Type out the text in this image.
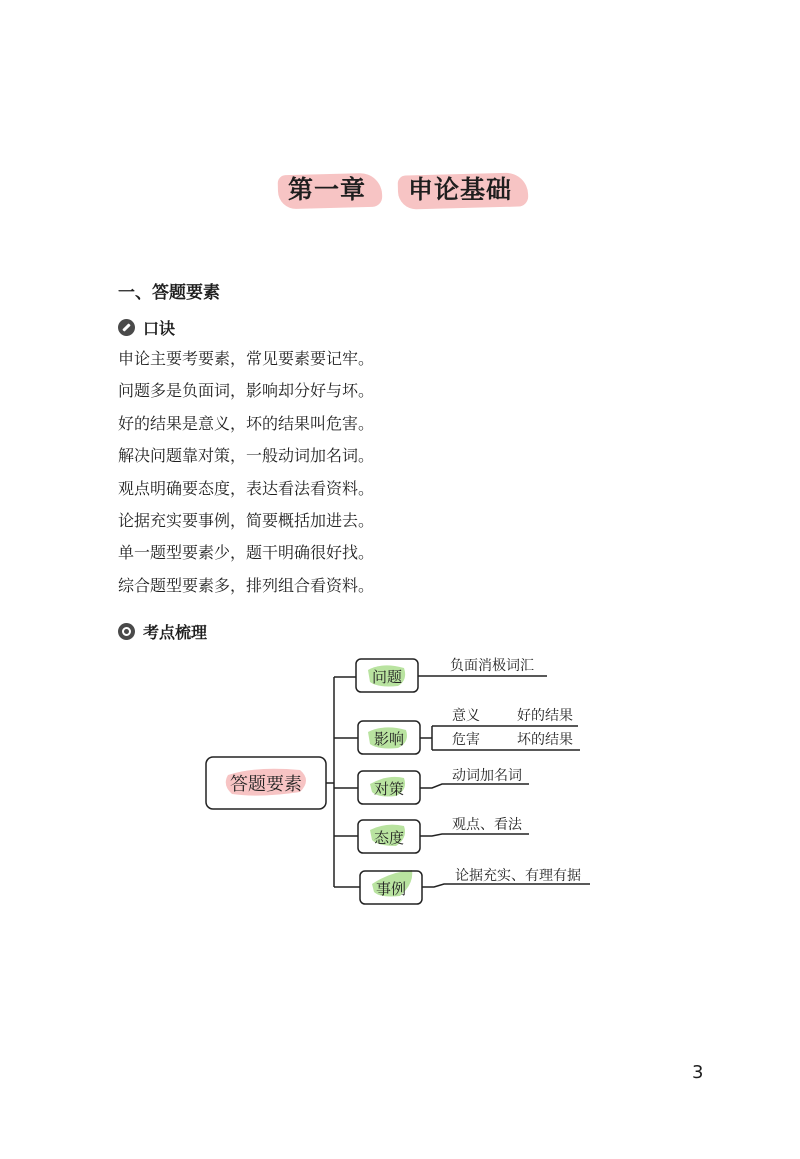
第一章 申论基础
一、答题要素
口诀
申论主要考要素，常见要素要记牢。
问题多是负面词，影响却分好与坏。
好的结果是意义，坏的结果叫危害。
解决问题靠对策，一般动词加名词。
观点明确要态度，表达看法看资料。
论据充实要事例，简要概括加进去。
单一题型要素少，题干明确很好找。
综合题型要素多，排列组合看资料。
考点梳理
答题要素
问题
影响
对策
态度
事例
负面消极词汇
意义	好的结果
危害	坏的结果
动词加名词
观点、看法
论据充实、有理有据
3
